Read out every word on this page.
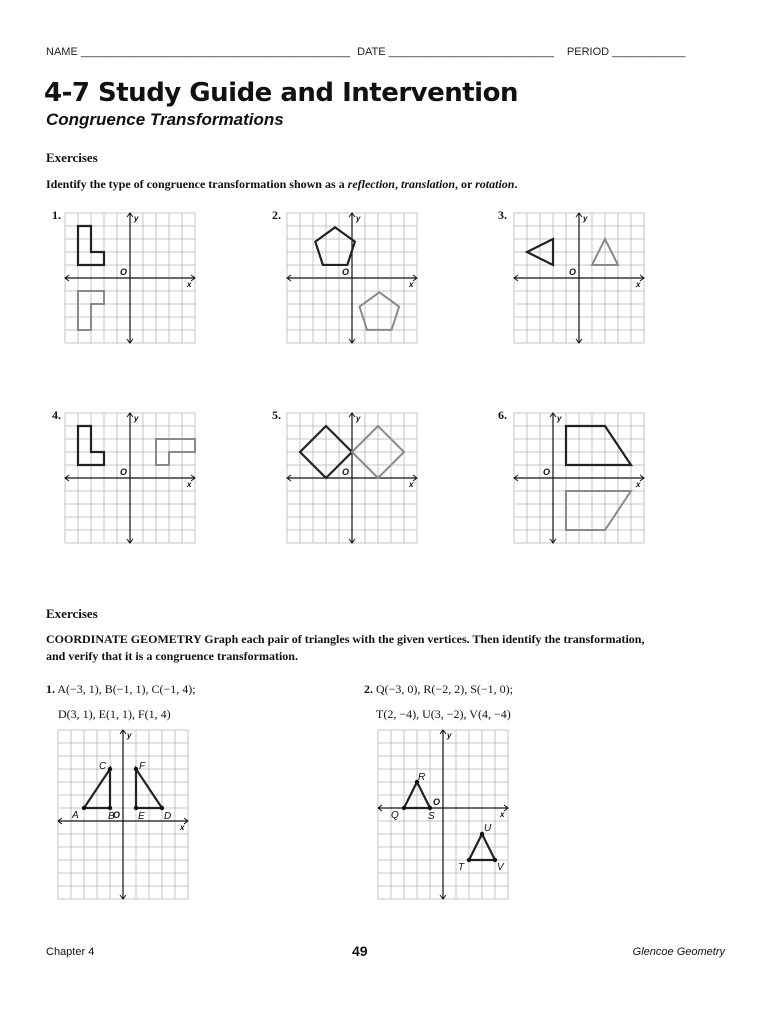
NAME ____________________________________________ DATE ___________________________ PERIOD ____________
4-7 Study Guide and Intervention
Congruence Transformations
Exercises
Identify the type of congruence transformation shown as a reflection, translation, or rotation.
1.	2.	3.
4.	5.	6.
x
y
O
x
y
O
x
y
O
x
y
O
x
y
O
x
y
O
Exercises
COORDINATE GEOMETRY Graph each pair of triangles with the given vertices. Then identify the transformation, and verify that it is a congruence transformation.
1. A(−3, 1), B(−1, 1), C(−1, 4);
D(3, 1), E(1, 1), F(1, 4)
2. Q(−3, 0), R(−2, 2), S(−1, 0);
T(2, −4), U(3, −2), V(4, −4)
x
y
O
A	B
C
D
E
F
x
y
O
Q
R
S
T
U
V
Chapter 4	49	Glencoe Geometry
